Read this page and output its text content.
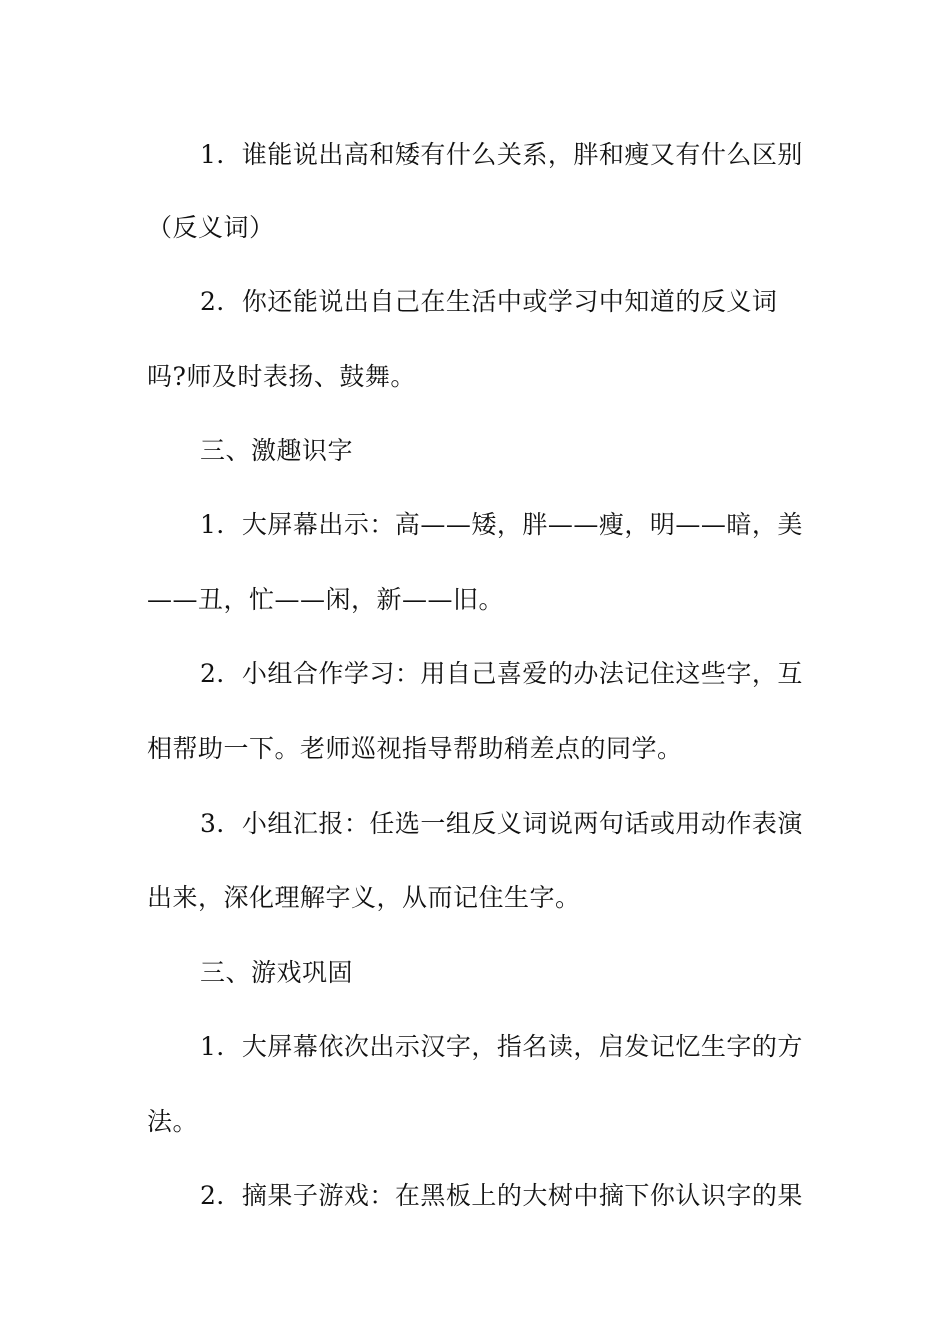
1．谁能说出高和矮有什么关系，胖和瘦又有什么区别
（反义词）
2．你还能说出自己在生活中或学习中知道的反义词
吗?师及时表扬、鼓舞。
三、激趣识字
1．大屏幕出示：高——矮，胖——瘦，明——暗，美
——丑，忙——闲，新——旧。
2．小组合作学习：用自己喜爱的办法记住这些字，互
相帮助一下。老师巡视指导帮助稍差点的同学。
3．小组汇报：任选一组反义词说两句话或用动作表演
出来，深化理解字义，从而记住生字。
三、游戏巩固
1．大屏幕依次出示汉字，指名读，启发记忆生字的方
法。
2．摘果子游戏：在黑板上的大树中摘下你认识字的果
